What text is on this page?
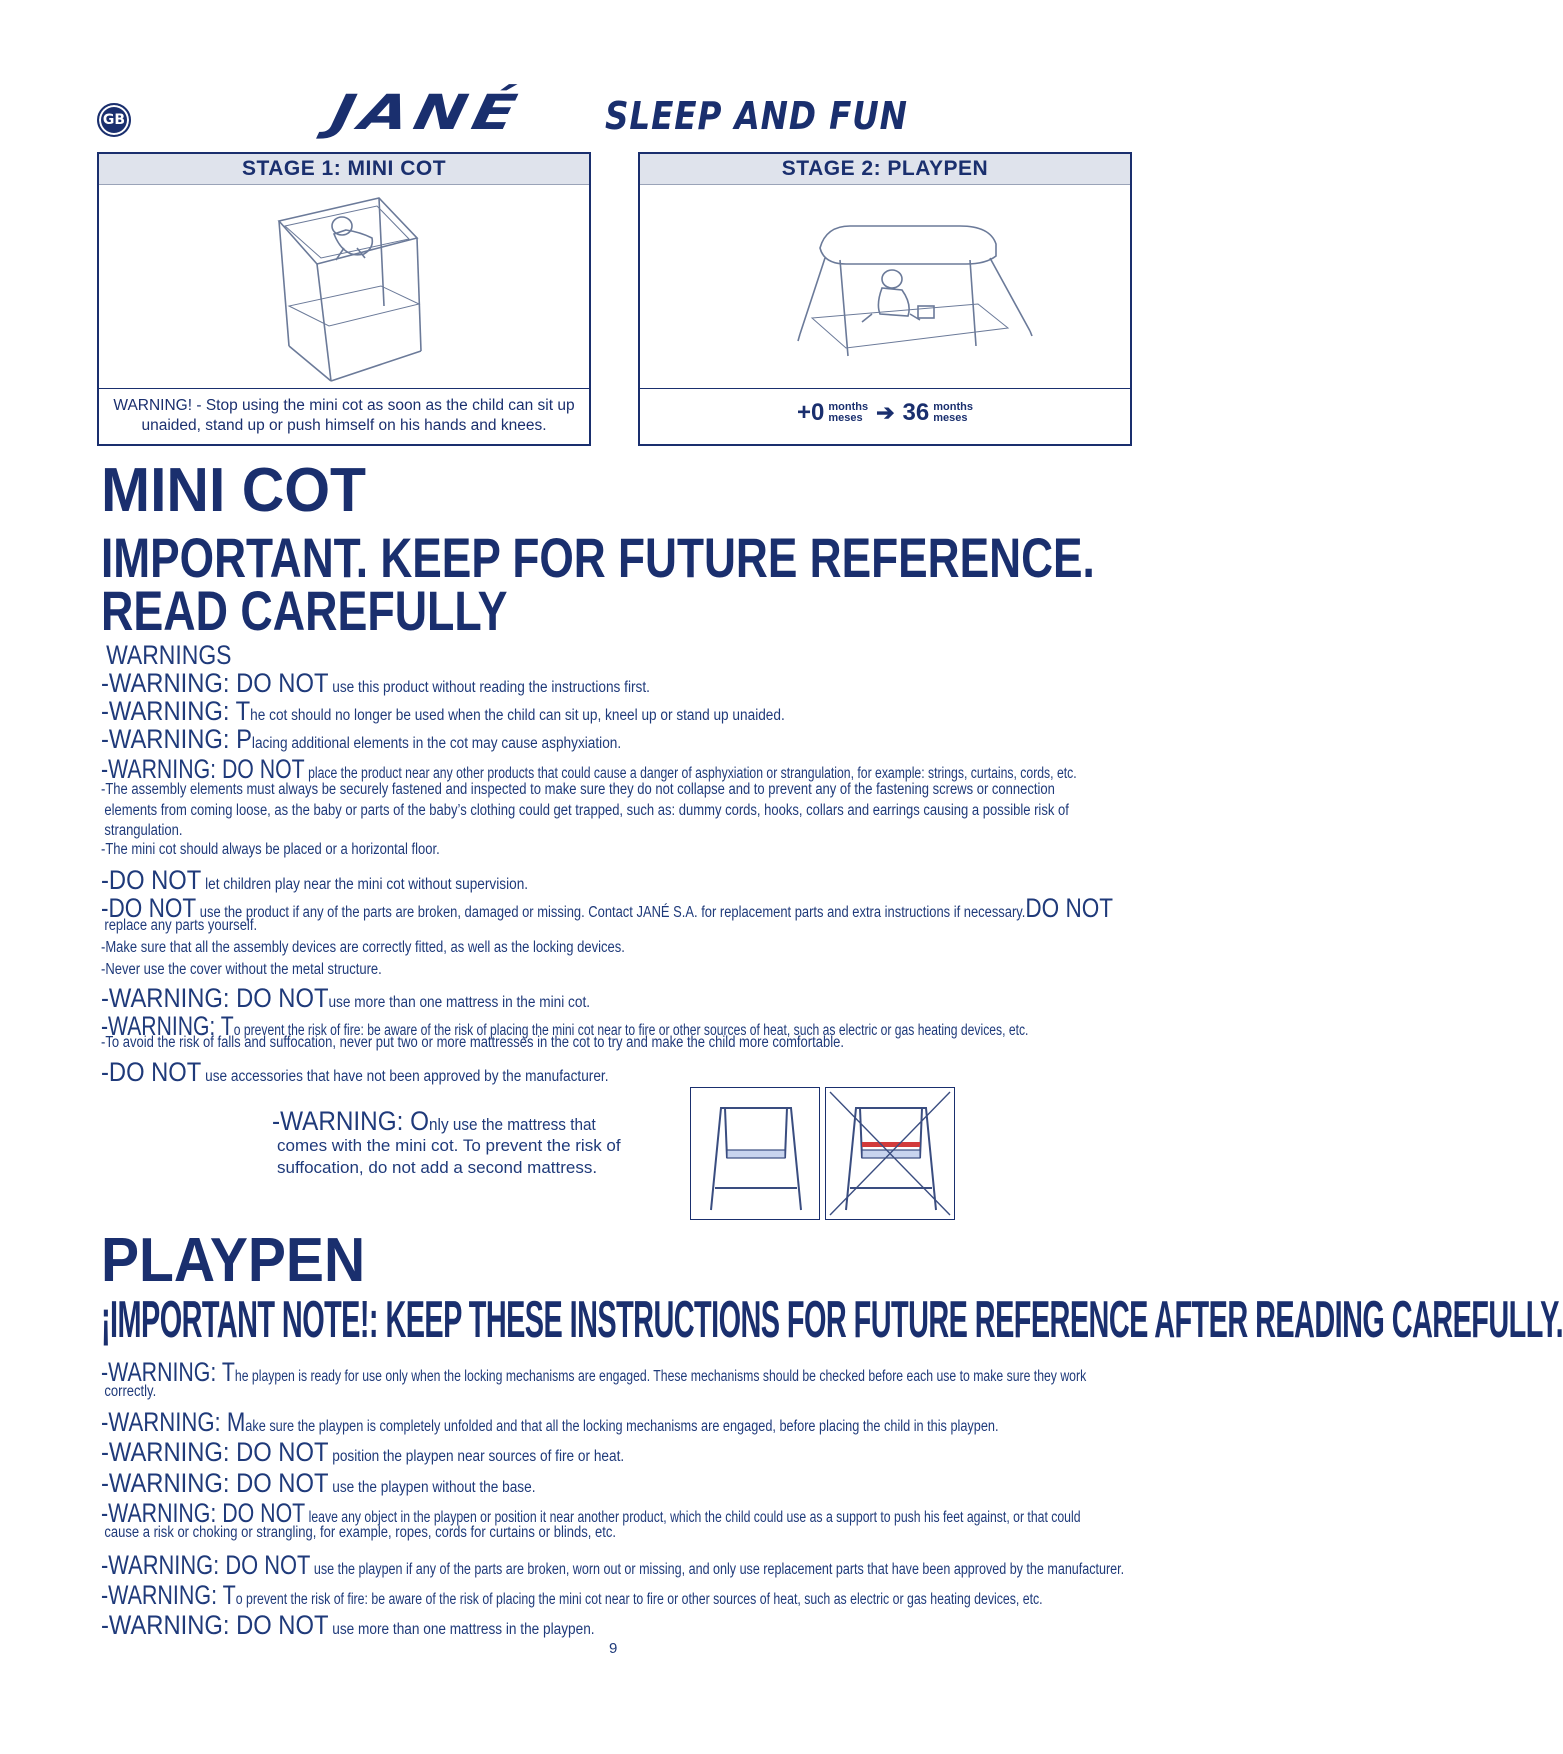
GB	JANÉ SLEEP AND FUN
STAGE 1: MINI COT
WARNING! - Stop using the mini cot as soon as the child can sit up
unaided, stand up or push himself on his hands and knees.
STAGE 2: PLAYPEN
+0 months
meses ➔ 36 months
meses
MINI COT
IMPORTANT. KEEP FOR FUTURE REFERENCE.
READ CAREFULLY
WARNINGS
-WARNING: DO NOT use this product without reading the instructions first.
-WARNING: The cot should no longer be used when the child can sit up, kneel up or stand up unaided.
-WARNING: Placing additional elements in the cot may cause asphyxiation.
-WARNING: DO NOT place the product near any other products that could cause a danger of asphyxiation or strangulation, for example: strings, curtains, cords, etc.
-The assembly elements must always be securely fastened and inspected to make sure they do not collapse and to prevent any of the fastening screws or connection
elements from coming loose, as the baby or parts of the baby’s clothing could get trapped, such as: dummy cords, hooks, collars and earrings causing a possible risk of
strangulation.
-The mini cot should always be placed or a horizontal floor.
-DO NOT let children play near the mini cot without supervision.
-DO NOT use the product if any of the parts are broken, damaged or missing. Contact JANÉ S.A. for replacement parts and extra instructions if necessary.DO NOT
replace any parts yourself.
-Make sure that all the assembly devices are correctly fitted, as well as the locking devices.
-Never use the cover without the metal structure.
-WARNING: DO NOTuse more than one mattress in the mini cot.
-WARNING: To prevent the risk of fire: be aware of the risk of placing the mini cot near to fire or other sources of heat, such as electric or gas heating devices, etc.
-To avoid the risk of falls and suffocation, never put two or more mattresses in the cot to try and make the child more comfortable.
-DO NOT use accessories that have not been approved by the manufacturer.
-WARNING: Only use the mattress that
comes with the mini cot. To prevent the risk of
suffocation, do not add a second mattress.
PLAYPEN
¡IMPORTANT NOTE!: KEEP THESE INSTRUCTIONS FOR FUTURE REFERENCE AFTER READING CAREFULLY.
-WARNING: The playpen is ready for use only when the locking mechanisms are engaged. These mechanisms should be checked before each use to make sure they work
correctly.
-WARNING: Make sure the playpen is completely unfolded and that all the locking mechanisms are engaged, before placing the child in this playpen.
-WARNING: DO NOT position the playpen near sources of fire or heat.
-WARNING: DO NOT use the playpen without the base.
-WARNING: DO NOT leave any object in the playpen or position it near another product, which the child could use as a support to push his feet against, or that could
cause a risk or choking or strangling, for example, ropes, cords for curtains or blinds, etc.
-WARNING: DO NOT use the playpen if any of the parts are broken, worn out or missing, and only use replacement parts that have been approved by the manufacturer.
-WARNING: To prevent the risk of fire: be aware of the risk of placing the mini cot near to fire or other sources of heat, such as electric or gas heating devices, etc.
-WARNING: DO NOT use more than one mattress in the playpen.
9
